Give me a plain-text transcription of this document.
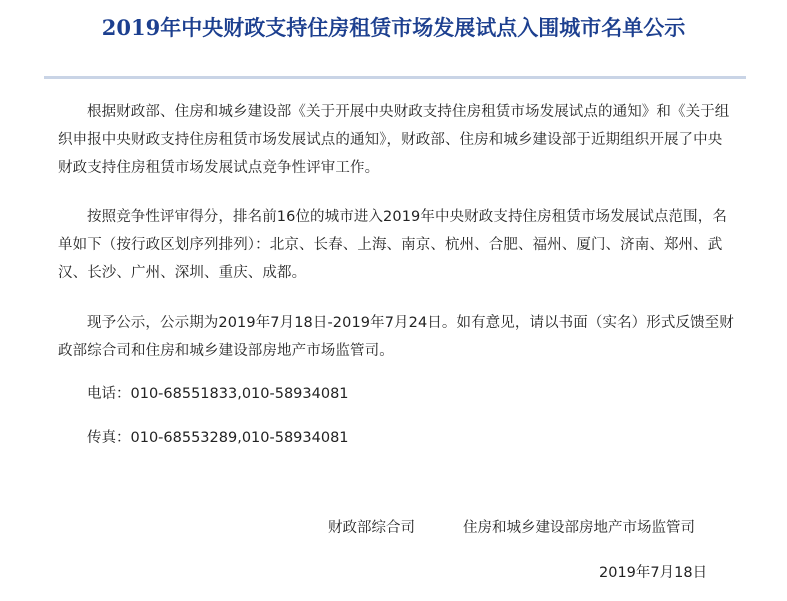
2019年中央财政支持住房租赁市场发展试点入围城市名单公示

根据财政部、住房和城乡建设部《关于开展中央财政支持住房租赁市场发展试点的通知》和《关于组织申报中央财政支持住房租赁市场发展试点的通知》，财政部、住房和城乡建设部于近期组织开展了中央财政支持住房租赁市场发展试点竞争性评审工作。

按照竞争性评审得分，排名前16位的城市进入2019年中央财政支持住房租赁市场发展试点范围，名单如下（按行政区划序列排列）：北京、长春、上海、南京、杭州、合肥、福州、厦门、济南、郑州、武汉、长沙、广州、深圳、重庆、成都。

现予公示，公示期为2019年7月18日-2019年7月24日。如有意见，请以书面（实名）形式反馈至财政部综合司和住房和城乡建设部房地产市场监管司。

电话：010-68551833,010-58934081

传真：010-68553289,010-58934081

财政部综合司	住房和城乡建设部房地产市场监管司

2019年7月18日
